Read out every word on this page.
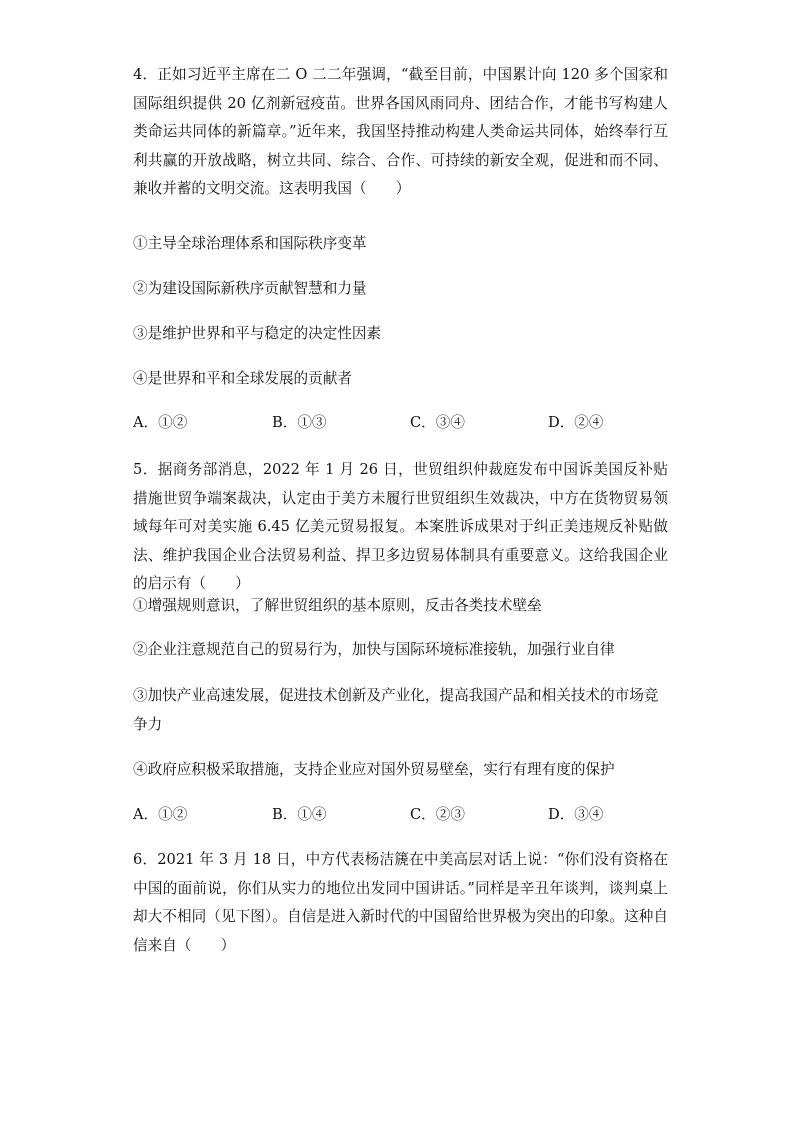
4．正如习近平主席在二 O 二二年强调，“截至目前，中国累计向 120 多个国家和国际组织提供 20 亿剂新冠疫苗。世界各国风雨同舟、团结合作，才能书写构建人类命运共同体的新篇章。”近年来，我国坚持推动构建人类命运共同体，始终奉行互利共赢的开放战略，树立共同、综合、合作、可持续的新安全观，促进和而不同、兼收并蓄的文明交流。这表明我国（　　）
①主导全球治理体系和国际秩序变革
②为建设国际新秩序贡献智慧和力量
③是维护世界和平与稳定的决定性因素
④是世界和平和全球发展的贡献者
A．①②	B．①③	C．③④	D．②④
5．据商务部消息，2022 年 1 月 26 日，世贸组织仲裁庭发布中国诉美国反补贴措施世贸争端案裁决，认定由于美方未履行世贸组织生效裁决，中方在货物贸易领域每年可对美实施 6.45 亿美元贸易报复。本案胜诉成果对于纠正美违规反补贴做法、维护我国企业合法贸易利益、捍卫多边贸易体制具有重要意义。这给我国企业的启示有（　　）
①增强规则意识，了解世贸组织的基本原则，反击各类技术壁垒
②企业注意规范自己的贸易行为，加快与国际环境标准接轨，加强行业自律
③加快产业高速发展，促进技术创新及产业化，提高我国产品和相关技术的市场竞争力
④政府应积极采取措施，支持企业应对国外贸易壁垒，实行有理有度的保护
A．①②	B．①④	C．②③	D．③④
6．2021 年 3 月 18 日，中方代表杨洁篪在中美高层对话上说：“你们没有资格在中国的面前说，你们从实力的地位出发同中国讲话。”同样是辛丑年谈判，谈判桌上却大不相同（见下图）。自信是进入新时代的中国留给世界极为突出的印象。这种自信来自（　　）
